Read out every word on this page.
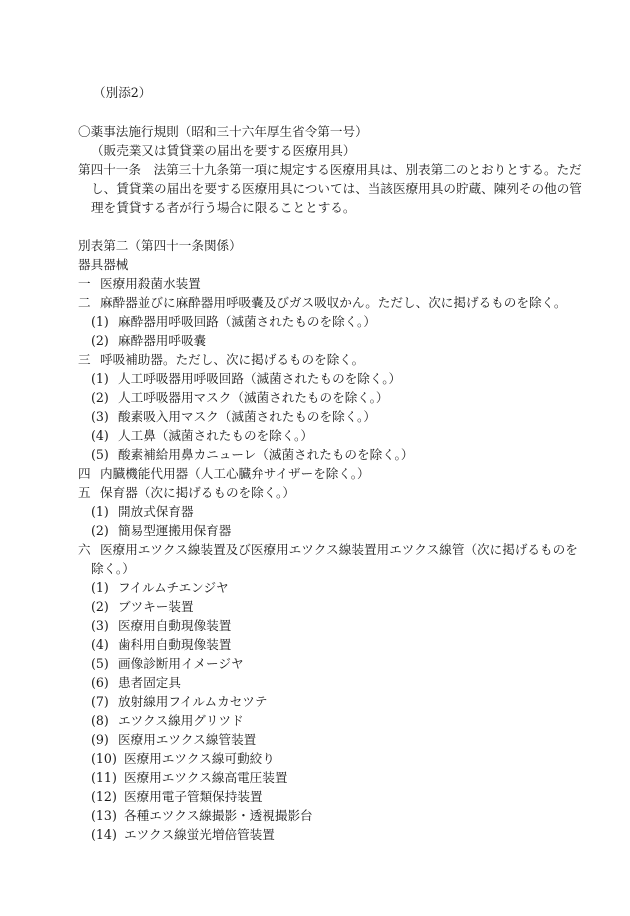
（別添2）
〇薬事法施行規則（昭和三十六年厚生省令第一号）
（販売業又は賃貸業の届出を要する医療用具）
第四十一条　法第三十九条第一項に規定する医療用具は、別表第二のとおりとする。ただ
し、賃貸業の届出を要する医療用具については、当該医療用具の貯蔵、陳列その他の管
理を賃貸する者が行う場合に限ることとする。
別表第二（第四十一条関係）
器具器械
一 医療用殺菌水装置
二 麻酔器並びに麻酔器用呼吸嚢及びガス吸収かん。ただし、次に掲げるものを除く。
(1) 麻酔器用呼吸回路（滅菌されたものを除く。）
(2) 麻酔器用呼吸嚢
三 呼吸補助器。ただし、次に掲げるものを除く。
(1) 人工呼吸器用呼吸回路（滅菌されたものを除く。）
(2) 人工呼吸器用マスク（滅菌されたものを除く。）
(3) 酸素吸入用マスク（滅菌されたものを除く。）
(4) 人工鼻（滅菌されたものを除く。）
(5) 酸素補給用鼻カニューレ（滅菌されたものを除く。）
四 内臓機能代用器（人工心臓弁サイザーを除く。）
五 保育器（次に掲げるものを除く。）
(1) 開放式保育器
(2) 簡易型運搬用保育器
六 医療用エツクス線装置及び医療用エツクス線装置用エツクス線管（次に掲げるものを
除く。）
(1) フイルムチエンジヤ
(2) ブツキー装置
(3) 医療用自動現像装置
(4) 歯科用自動現像装置
(5) 画像診断用イメージヤ
(6) 患者固定具
(7) 放射線用フイルムカセツテ
(8) エツクス線用グリツド
(9) 医療用エツクス線管装置
(10) 医療用エツクス線可動絞り
(11) 医療用エツクス線高電圧装置
(12) 医療用電子管類保持装置
(13) 各種エツクス線撮影・透視撮影台
(14) エツクス線蛍光増倍管装置
